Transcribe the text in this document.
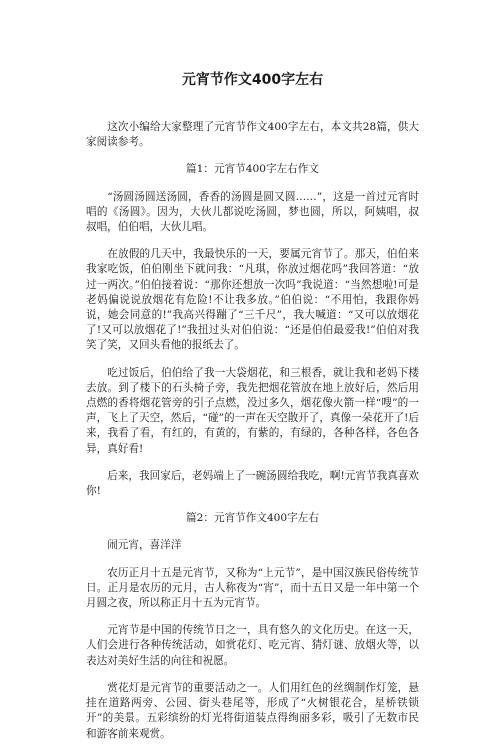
元宵节作文400字左右

这次小编给大家整理了元宵节作文400字左右，本文共28篇，供大家阅读参考。

篇1：元宵节400字左右作文

“汤圆汤圆送汤圆，香香的汤圆是圆又圆……”，这是一首过元宵时唱的《汤圆》。因为，大伙儿都说吃汤圆，梦也圆，所以，阿姨唱，叔叔唱，伯伯唱，大伙儿唱。

在放假的几天中，我最快乐的一天，要属元宵节了。那天，伯伯来我家吃饭，伯伯刚坐下就问我：“凡琪，你放过烟花吗”我回答道：“放过一两次。”伯伯接着说：“那你还想放一次吗”我说道：“当然想啦!可是老妈偏说说放烟花有危险!不让我多放。”伯伯说：“不用怕，我跟你妈说，她会同意的!”我高兴得蹦了“三千尺”，我大喊道：“又可以放烟花了!又可以放烟花了!”我扭过头对伯伯说：“还是伯伯最爱我!”伯伯对我笑了笑，又回头看他的报纸去了。

吃过饭后，伯伯给了我一大袋烟花，和三根香，就让我和老妈下楼去放。到了楼下的石头椅子旁，我先把烟花管放在地上放好后，然后用点燃的香将烟花管旁的引子点燃，没过多久，烟花像火箭一样“嗖”的一声，飞上了天空，然后，“碰”的一声在天空散开了，真像一朵花开了!后来，我看了看，有红的，有黄的，有紫的，有绿的，各种各样，各色各异，真好看!

后来，我回家后，老妈端上了一碗汤圆给我吃，啊!元宵节我真喜欢你!

篇2：元宵节作文400字左右

闹元宵，喜洋洋

农历正月十五是元宵节，又称为“上元节”，是中国汉族民俗传统节日。正月是农历的元月，古人称夜为“宵”，而十五日又是一年中第一个月圆之夜，所以称正月十五为元宵节。

元宵节是中国的传统节日之一，具有悠久的文化历史。在这一天，人们会进行各种传统活动，如赏花灯、吃元宵、猜灯谜、放烟火等，以表达对美好生活的向往和祝愿。

赏花灯是元宵节的重要活动之一。人们用红色的丝绸制作灯笼，悬挂在道路两旁、公园、街头巷尾等，形成了“火树银花合，星桥铁锁开”的美景。五彩缤纷的灯光将街道装点得绚丽多彩，吸引了无数市民和游客前来观赏。
